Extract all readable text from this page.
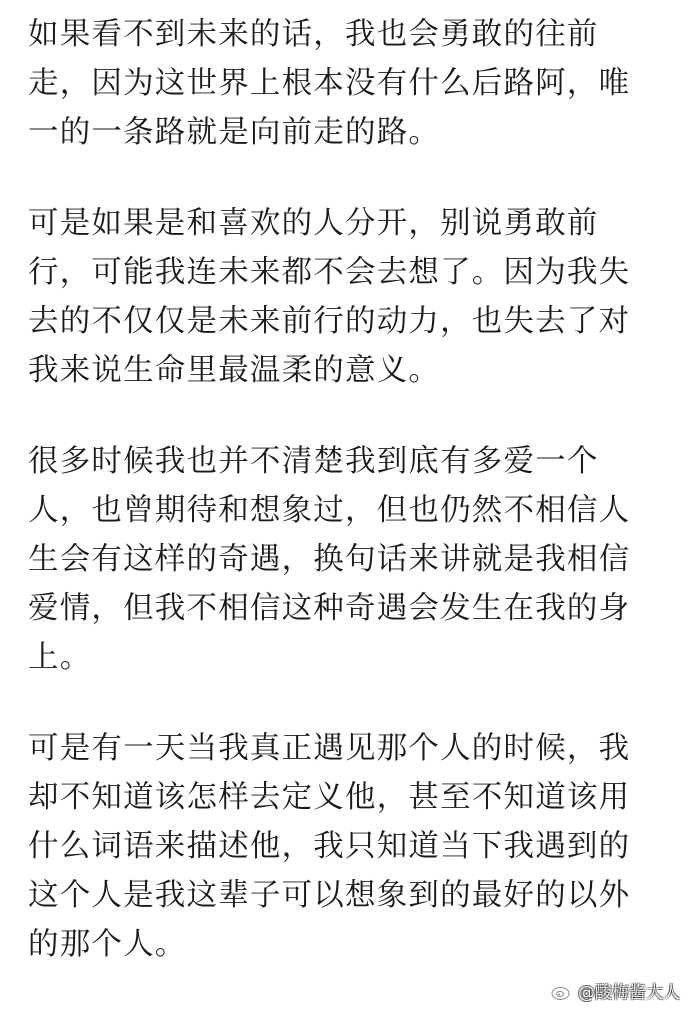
如果看不到未来的话，我也会勇敢的往前
走，因为这世界上根本没有什么后路阿，唯
一的一条路就是向前走的路。
可是如果是和喜欢的人分开，别说勇敢前
行，可能我连未来都不会去想了。因为我失
去的不仅仅是未来前行的动力，也失去了对
我来说生命里最温柔的意义。
很多时候我也并不清楚我到底有多爱一个
人，也曾期待和想象过，但也仍然不相信人
生会有这样的奇遇，换句话来讲就是我相信
爱情，但我不相信这种奇遇会发生在我的身
上。
可是有一天当我真正遇见那个人的时候，我
却不知道该怎样去定义他，甚至不知道该用
什么词语来描述他，我只知道当下我遇到的
这个人是我这辈子可以想象到的最好的以外
的那个人。
@酸梅酱大人
